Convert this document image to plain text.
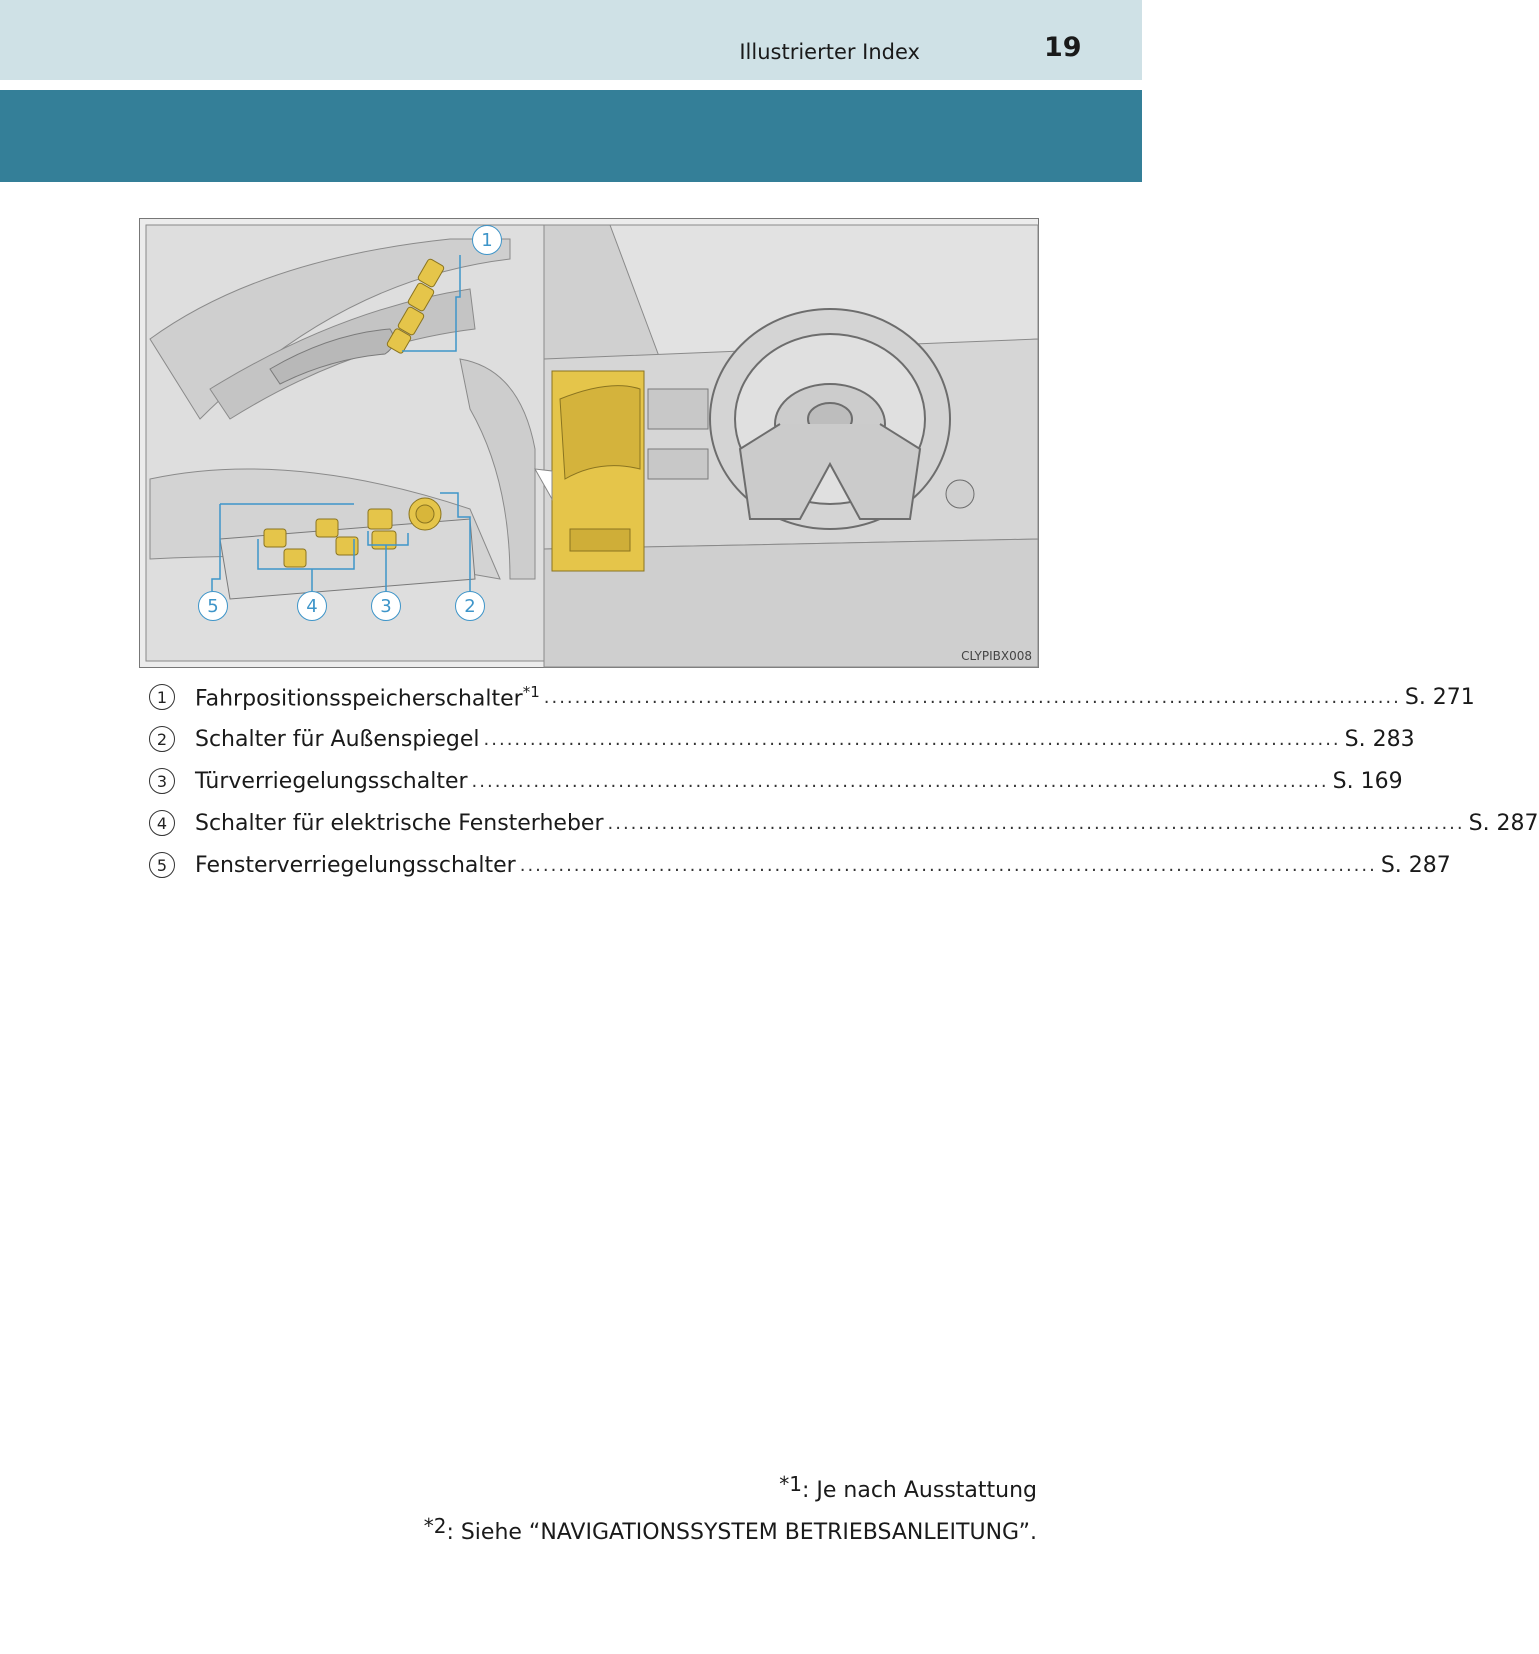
Illustrierter Index	19
1
5	4	3	2
CLYPIBX008
1	Fahrpositionsspeicherschalter$^{*1}$ ............................................................................................................... S. 271
2	Schalter für Außenspiegel ............................................................................................................... S. 283
3	Türverriegelungsschalter ............................................................................................................... S. 169
4	Schalter für elektrische Fensterheber ............................................................................................................... S. 287
5	Fensterverriegelungsschalter ............................................................................................................... S. 287
*1: Je nach Ausstattung
*2: Siehe “NAVIGATIONSSYSTEM BETRIEBSANLEITUNG”.
